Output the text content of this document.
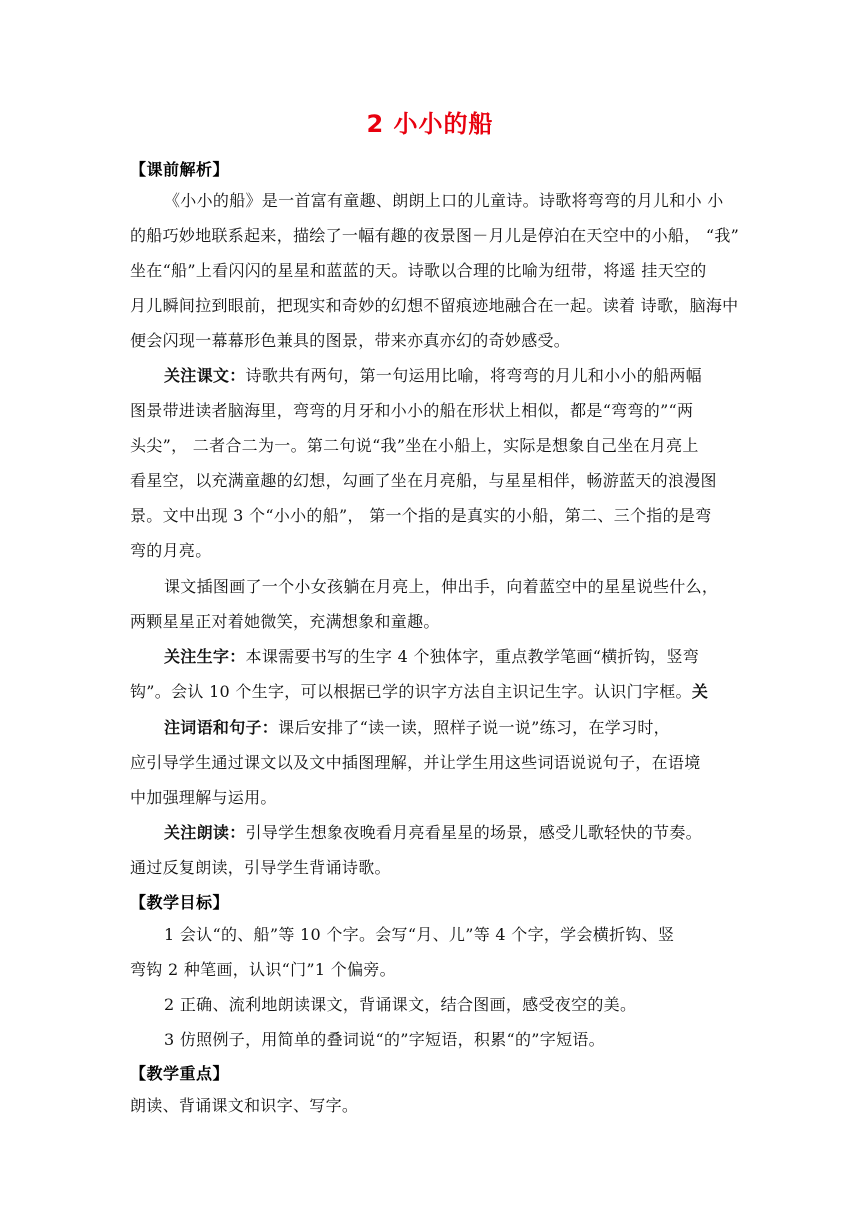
2 小小的船
【课前解析】
《小小的船》是一首富有童趣、朗朗上口的儿童诗。诗歌将弯弯的月儿和小 小
的船巧妙地联系起来，描绘了一幅有趣的夜景图－月儿是停泊在天空中的小船， “我”
坐在“船”上看闪闪的星星和蓝蓝的天。诗歌以合理的比喻为纽带，将遥 挂天空的
月儿瞬间拉到眼前，把现实和奇妙的幻想不留痕迹地融合在一起。读着 诗歌，脑海中
便会闪现一幕幕形色兼具的图景，带来亦真亦幻的奇妙感受。
关注课文：诗歌共有两句，第一句运用比喻，将弯弯的月儿和小小的船两幅
图景带进读者脑海里，弯弯的月牙和小小的船在形状上相似，都是“弯弯的”“两
头尖”， 二者合二为一。第二句说“我”坐在小船上，实际是想象自己坐在月亮上
看星空，以充满童趣的幻想，勾画了坐在月亮船，与星星相伴，畅游蓝天的浪漫图
景。文中出现 3 个“小小的船”， 第一个指的是真实的小船，第二、三个指的是弯
弯的月亮。
课文插图画了一个小女孩躺在月亮上，伸出手，向着蓝空中的星星说些什么，
两颗星星正对着她微笑，充满想象和童趣。
关注生字：本课需要书写的生字 4 个独体字，重点教学笔画“横折钩，竖弯
钩”。会认 10 个生字，可以根据已学的识字方法自主识记生字。认识门字框。关
注词语和句子：课后安排了“读一读，照样子说一说”练习，在学习时，
应引导学生通过课文以及文中插图理解，并让学生用这些词语说说句子，在语境
中加强理解与运用。
关注朗读：引导学生想象夜晚看月亮看星星的场景，感受儿歌轻快的节奏。
通过反复朗读，引导学生背诵诗歌。
【教学目标】
1 会认“的、船”等 10 个字。会写“月、儿”等 4 个字，学会横折钩、竖
弯钩 2 种笔画，认识“门”1 个偏旁。
2 正确、流利地朗读课文，背诵课文，结合图画，感受夜空的美。
3 仿照例子，用简单的叠词说“的”字短语，积累“的”字短语。
【教学重点】
朗读、背诵课文和识字、写字。
